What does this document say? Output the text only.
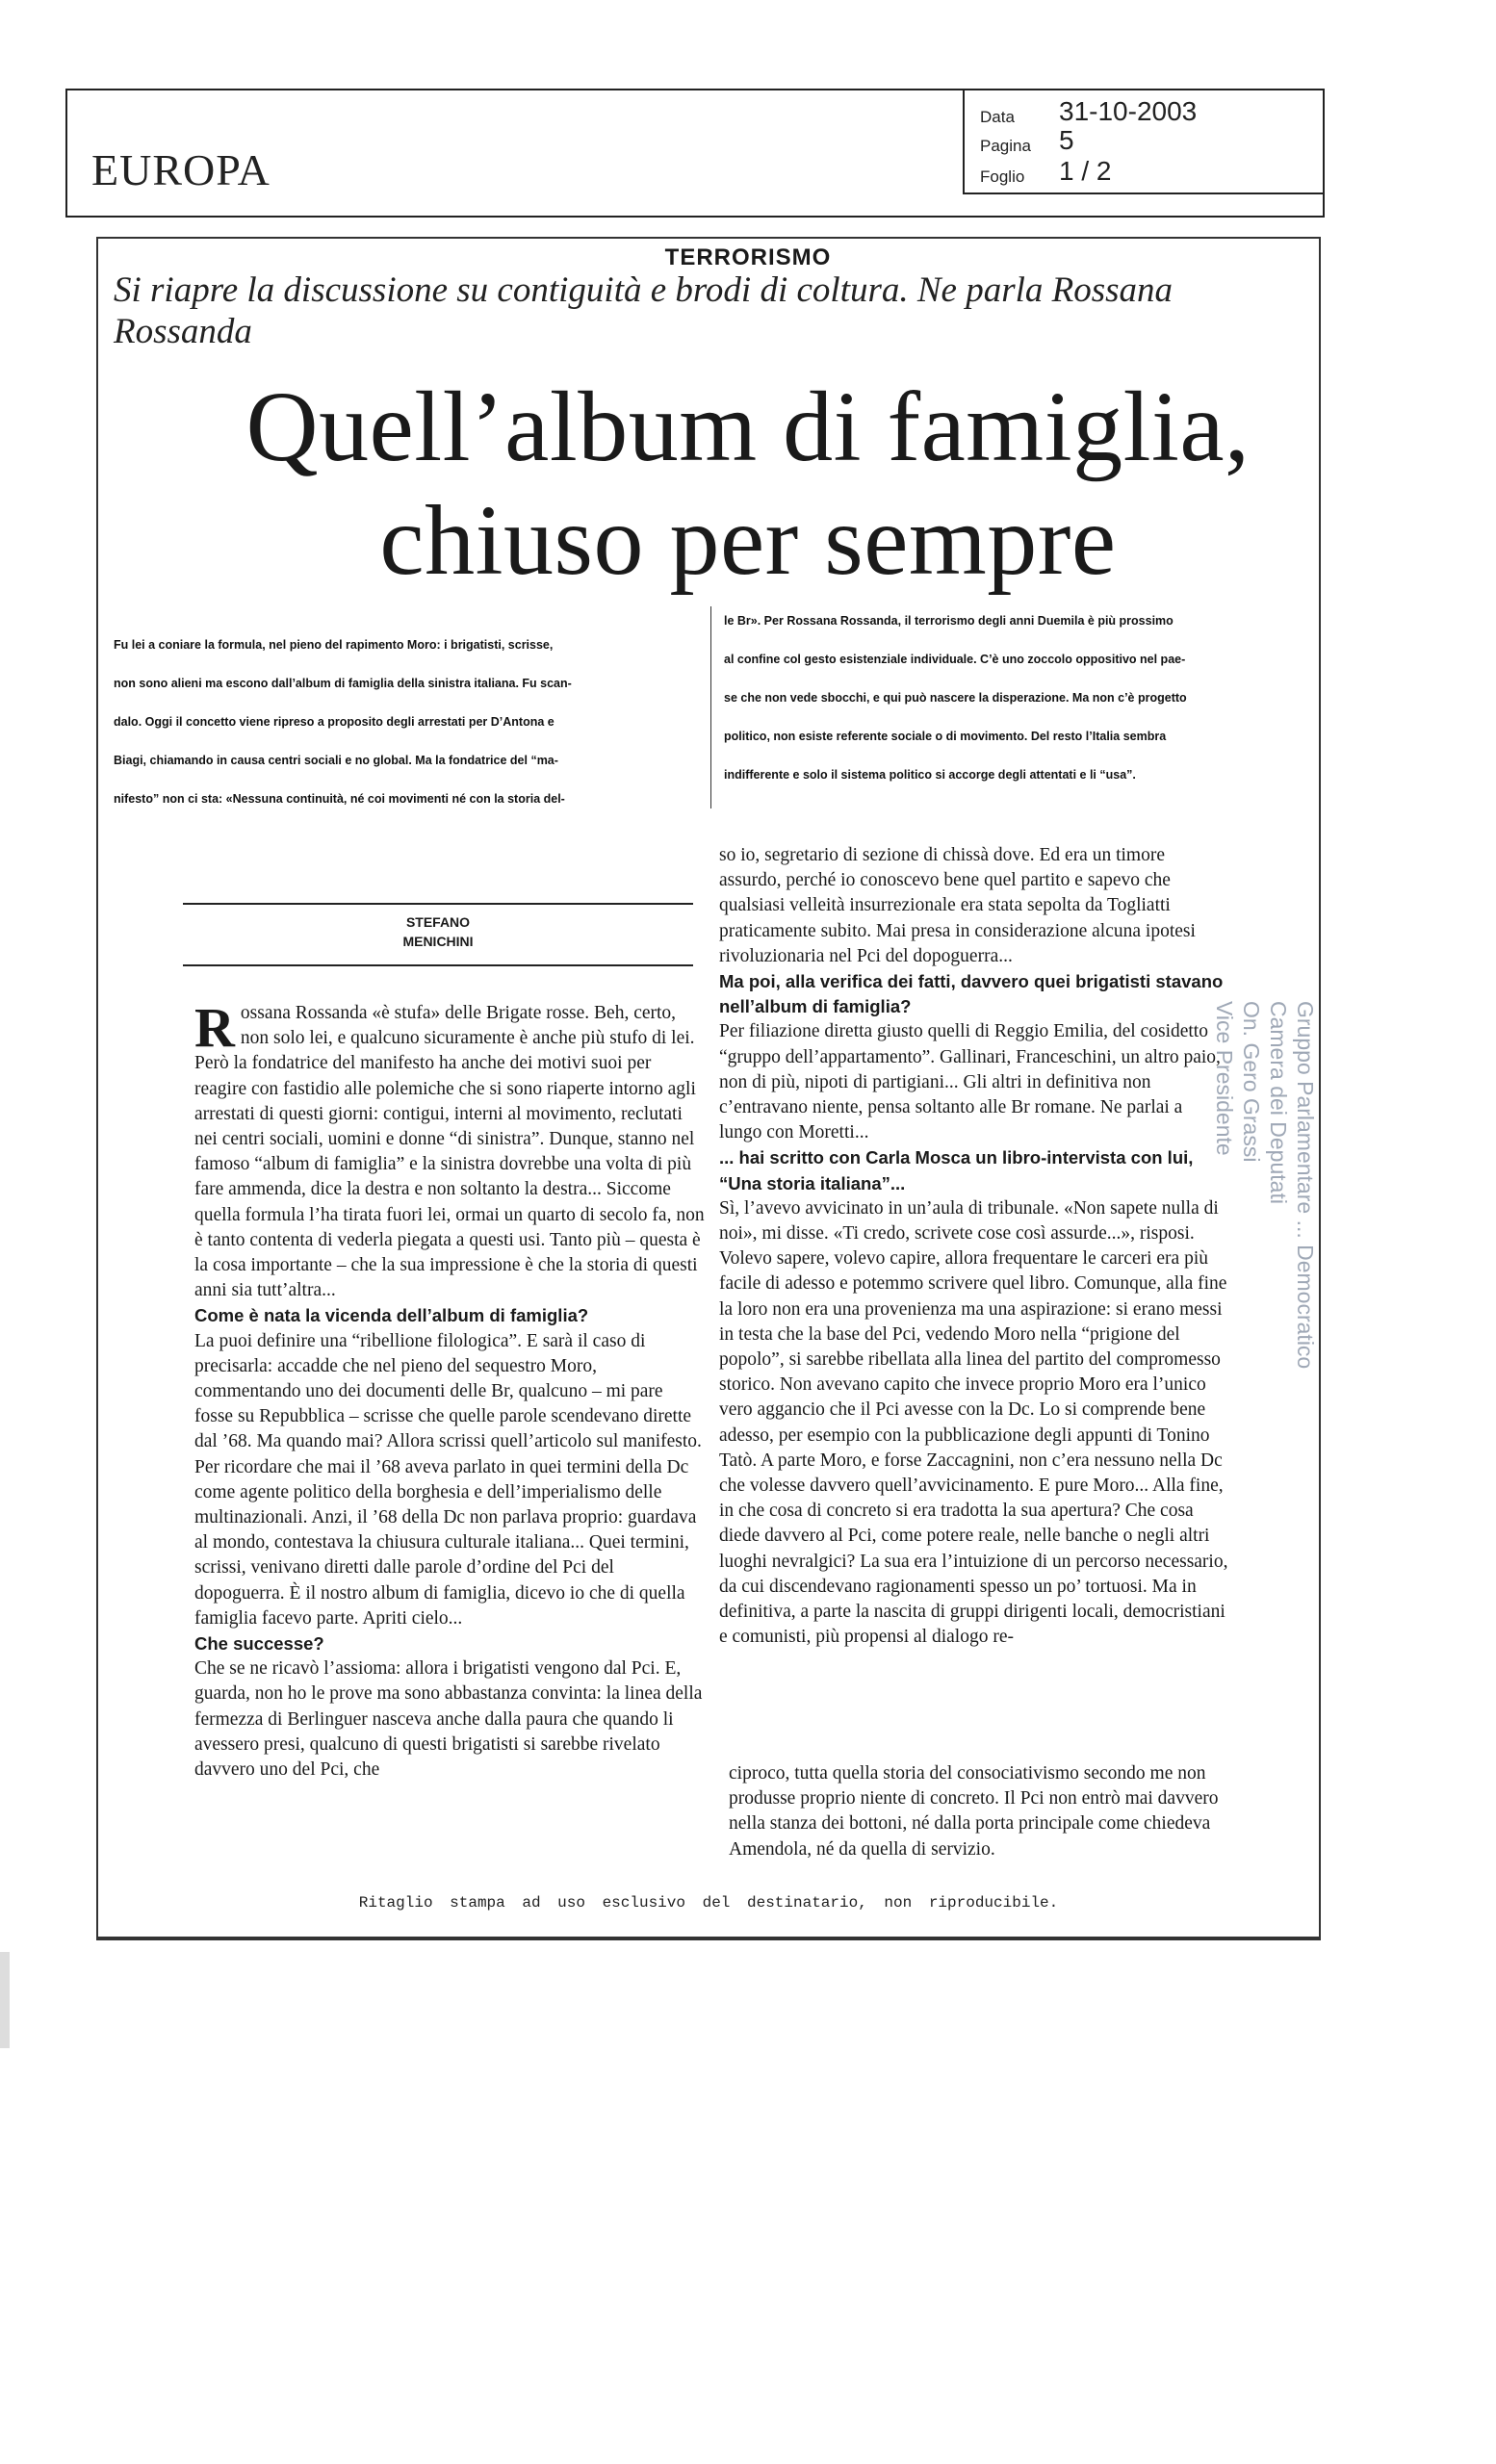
EUROPA
Data 31-10-2003
Pagina 5
Foglio 1 / 2
TERRORISMO
Si riapre la discussione su contiguità e brodi di coltura. Ne parla Rossana Rossanda
Quell’album di famiglia,
chiuso per sempre
Fu lei a coniare la formula, nel pieno del rapimento Moro: i brigatisti, scrisse,
non sono alieni ma escono dall’album di famiglia della sinistra italiana. Fu scan-
dalo. Oggi il concetto viene ripreso a proposito degli arrestati per D’Antona e
Biagi, chiamando in causa centri sociali e no global. Ma la fondatrice del “ma-
nifesto” non ci sta: «Nessuna continuità, né coi movimenti né con la storia del-
le Br». Per Rossana Rossanda, il terrorismo degli anni Duemila è più prossimo
al confine col gesto esistenziale individuale. C’è uno zoccolo oppositivo nel pae-
se che non vede sbocchi, e qui può nascere la disperazione. Ma non c’è progetto
politico, non esiste referente sociale o di movimento. Del resto l’Italia sembra
indifferente e solo il sistema politico si accorge degli attentati e li “usa”.
STEFANO
MENICHINI

Rossana Rossanda «è stufa» delle Brigate rosse. Beh, certo, non solo lei, e qualcuno sicuramente è anche più stufo di lei. Però la fondatrice del manifesto ha anche dei motivi suoi per reagire con fastidio alle polemiche che si sono riaperte intorno agli arrestati di questi giorni: contigui, interni al movimento, reclutati nei centri sociali, uomini e donne “di sinistra”. Dunque, stanno nel famoso “album di famiglia” e la sinistra dovrebbe una volta di più fare ammenda, dice la destra e non soltanto la destra... Siccome quella formula l’ha tirata fuori lei, ormai un quarto di secolo fa, non è tanto contenta di vederla piegata a questi usi. Tanto più – questa è la cosa importante – che la sua impressione è che la storia di questi anni sia tutt’altra...

Come è nata la vicenda dell’album di famiglia?

La puoi definire una “ribellione filologica”. E sarà il caso di precisarla: accadde che nel pieno del sequestro Moro, commentando uno dei documenti delle Br, qualcuno – mi pare fosse su Repubblica – scrisse che quelle parole scendevano dirette dal ’68. Ma quando mai? Allora scrissi quell’articolo sul manifesto. Per ricordare che mai il ’68 aveva parlato in quei termini della Dc come agente politico della borghesia e dell’imperialismo delle multinazionali. Anzi, il ’68 della Dc non parlava proprio: guardava al mondo, contestava la chiusura culturale italiana... Quei termini, scrissi, venivano diretti dalle parole d’ordine del Pci del dopoguerra. È il nostro album di famiglia, dicevo io che di quella famiglia facevo parte. Apriti cielo...

Che successe?

Che se ne ricavò l’assioma: allora i brigatisti vengono dal Pci. E, guarda, non ho le prove ma sono abbastanza convinta: la linea della fermezza di Berlinguer nasceva anche dalla paura che quando li avessero presi, qualcuno di questi brigatisti si sarebbe rivelato davvero uno del Pci, che

so io, segretario di sezione di chissà dove. Ed era un timore assurdo, perché io conoscevo bene quel partito e sapevo che qualsiasi velleità insurrezionale era stata sepolta da Togliatti praticamente subito. Mai presa in considerazione alcuna ipotesi rivoluzionaria nel Pci del dopoguerra...

Ma poi, alla verifica dei fatti, davvero quei brigatisti stavano nell’album di famiglia?

Per filiazione diretta giusto quelli di Reggio Emilia, del cosidetto “gruppo dell’appartamento”. Gallinari, Franceschini, un altro paio, non di più, nipoti di partigiani... Gli altri in definitiva non c’entravano niente, pensa soltanto alle Br romane. Ne parlai a lungo con Moretti...

... hai scritto con Carla Mosca un libro-intervista con lui, “Una storia italiana”...

Sì, l’avevo avvicinato in un’aula di tribunale. «Non sapete nulla di noi», mi disse. «Ti credo, scrivete cose così assurde...», risposi. Volevo sapere, volevo capire, allora frequentare le carceri era più facile di adesso e potemmo scrivere quel libro. Comunque, alla fine la loro non era una provenienza ma una aspirazione: si erano messi in testa che la base del Pci, vedendo Moro nella “prigione del popolo”, si sarebbe ribellata alla linea del partito del compromesso storico. Non avevano capito che invece proprio Moro era l’unico vero aggancio che il Pci avesse con la Dc. Lo si comprende bene adesso, per esempio con la pubblicazione degli appunti di Tonino Tatò. A parte Moro, e forse Zaccagnini, non c’era nessuno nella Dc che volesse davvero quell’avvicinamento. E pure Moro... Alla fine, in che cosa di concreto si era tradotta la sua apertura? Che cosa diede davvero al Pci, come potere reale, nelle banche o negli altri luoghi nevralgici? La sua era l’intuizione di un percorso necessario, da cui discendevano ragionamenti spesso un po’ tortuosi. Ma in definitiva, a parte la nascita di gruppi dirigenti locali, democristiani e comunisti, più propensi al dialogo re-

ciproco, tutta quella storia del consociativismo secondo me non produsse proprio niente di concreto. Il Pci non entrò mai davvero nella stanza dei bottoni, né dalla porta principale come chiedeva Amendola, né da quella di servizio.

Ritaglio stampa ad uso esclusivo del destinatario, non riproducibile.
Gruppo Parlamentare ... Democratico
Camera dei Deputati
On. Gero Grassi
Vice Presidente
